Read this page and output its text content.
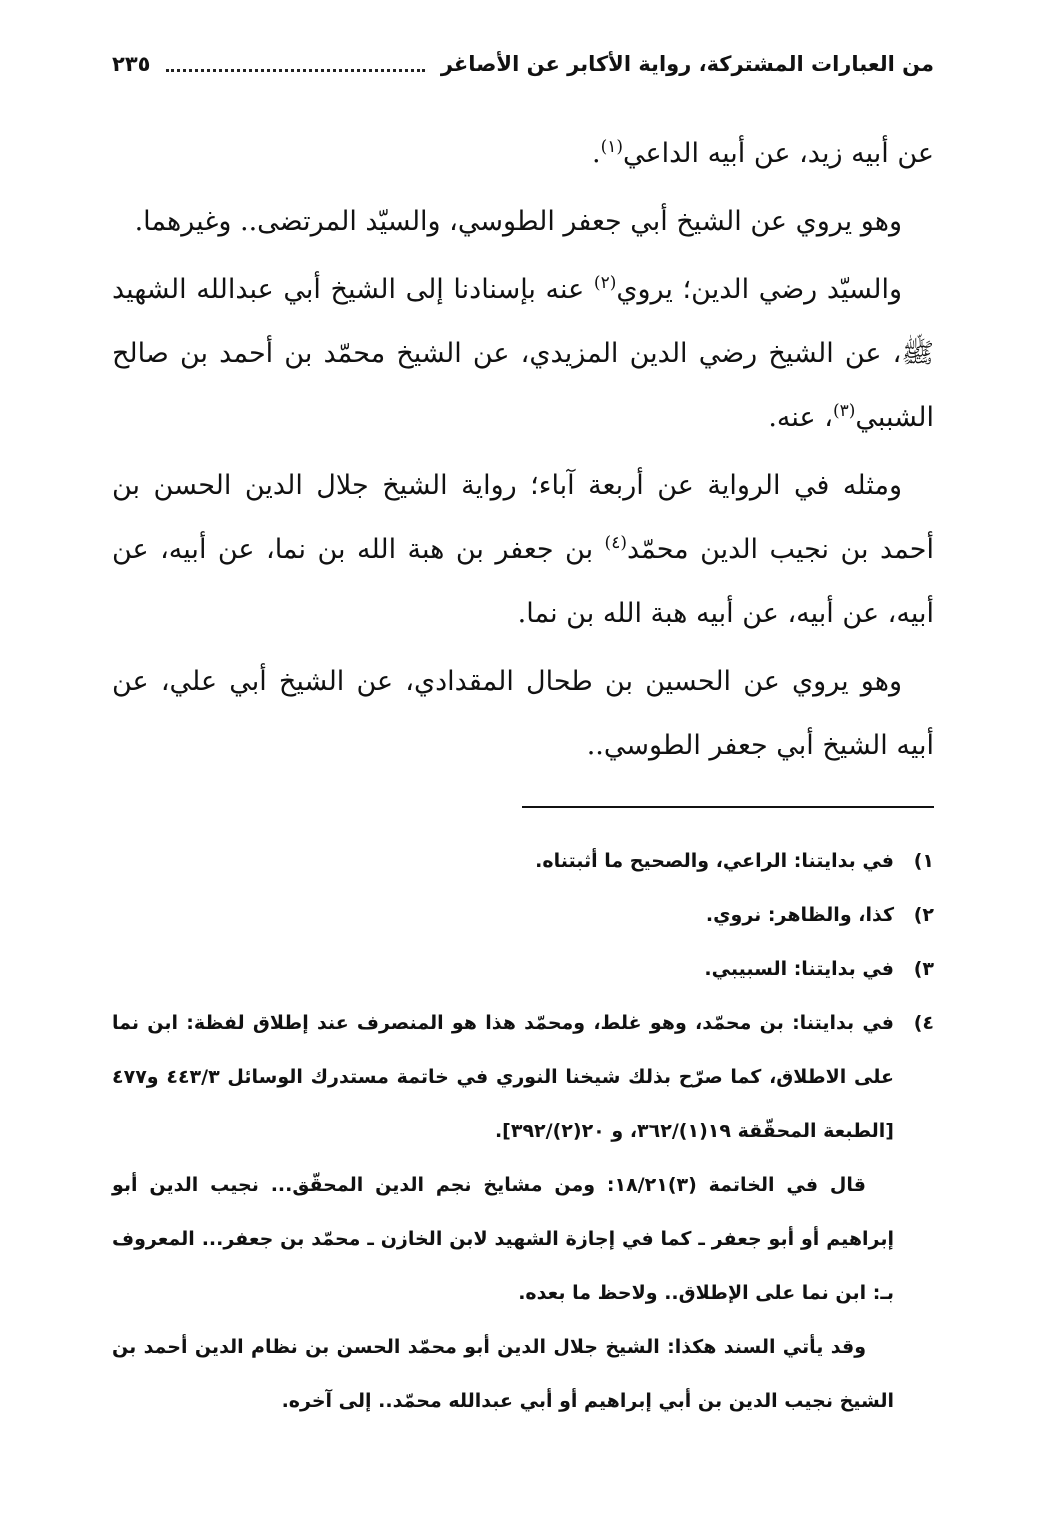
٢٣٥	من العبارات المشتركة، رواية الأكابر عن الأصاغر

عن أبيه زيد، عن أبيه الداعي$^{(١)}$.

وهو يروي عن الشيخ أبي جعفر الطوسي، والسيّد المرتضى.. وغيرهما.

والسيّد رضي الدين؛ يروي$^{(٢)}$ عنه بإسنادنا إلى الشيخ أبي عبدالله الشهيد ﷺ، عن الشيخ رضي الدين المزيدي، عن الشيخ محمّد بن أحمد بن صالح الشببي$^{(٣)}$، عنه.

ومثله في الرواية عن أربعة آباء؛ رواية الشيخ جلال الدين الحسن بن أحمد بن نجيب الدين محمّد$^{(٤)}$ بن جعفر بن هبة الله بن نما، عن أبيه، عن أبيه، عن أبيه، عن أبيه هبة الله بن نما.

وهو يروي عن الحسين بن طحال المقدادي، عن الشيخ أبي علي، عن أبيه الشيخ أبي جعفر الطوسي..

١)
في بدايتنا: الراعي، والصحيح ما أثبتناه.
٢)
كذا، والظاهر: نروي.
٣)
في بدايتنا: السبيبي.
٤)
في بدايتنا: بن محمّد، وهو غلط، ومحمّد هذا هو المنصرف عند إطلاق لفظة: ابن نما على الاطلاق، كما صرّح بذلك شيخنا النوري في خاتمة مستدرك الوسائل ٤٤٣/٣ و٤٧٧ [الطبعة المحقّقة ١٩(١)/٣٦٢، و ٢٠(٢)/٣٩٢].

قال في الخاتمة (٣)١٨/٢١: ومن مشايخ نجم الدين المحقّق... نجيب الدين أبو إبراهيم أو أبو جعفر ـ كما في إجازة الشهيد لابن الخازن ـ محمّد بن جعفر... المعروف بـ: ابن نما على الإطلاق.. ولاحظ ما بعده.

وقد يأتي السند هكذا: الشيخ جلال الدين أبو محمّد الحسن بن نظام الدين أحمد بن الشيخ نجيب الدين بن أبي إبراهيم أو أبي عبدالله محمّد.. إلى آخره.
